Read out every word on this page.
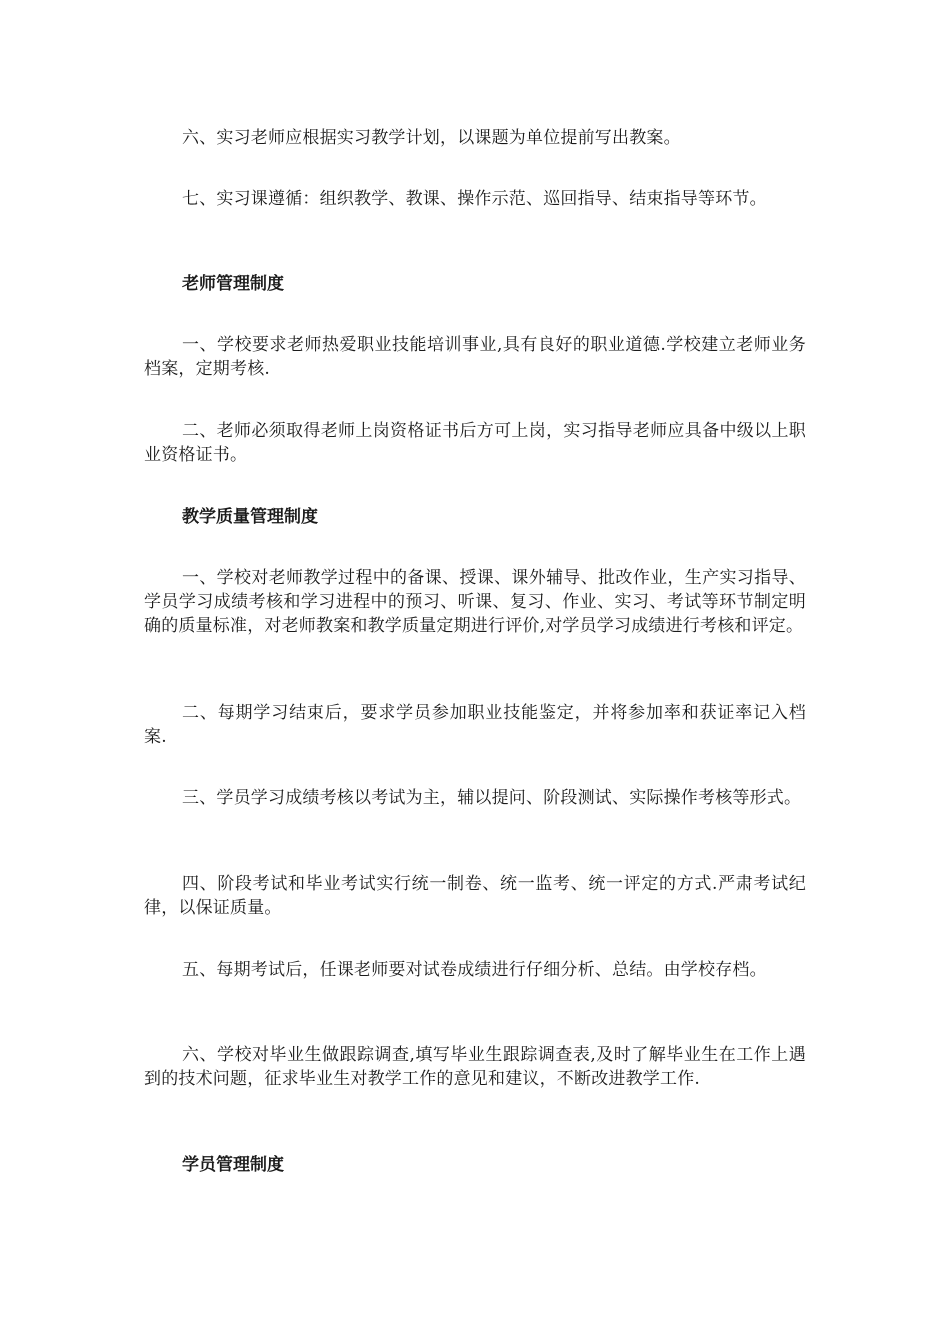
六、实习老师应根据实习教学计划，以课题为单位提前写出教案。

七、实习课遵循：组织教学、教课、操作示范、巡回指导、结束指导等环节。

老师管理制度

一、学校要求老师热爱职业技能培训事业,具有良好的职业道德.学校建立老师业务档案，定期考核.

二、老师必须取得老师上岗资格证书后方可上岗，实习指导老师应具备中级以上职业资格证书。

教学质量管理制度

一、学校对老师教学过程中的备课、授课、课外辅导、批改作业，生产实习指导、学员学习成绩考核和学习进程中的预习、听课、复习、作业、实习、考试等环节制定明确的质量标准，对老师教案和教学质量定期进行评价,对学员学习成绩进行考核和评定。

二、每期学习结束后，要求学员参加职业技能鉴定，并将参加率和获证率记入档案.

三、学员学习成绩考核以考试为主，辅以提问、阶段测试、实际操作考核等形式。

四、阶段考试和毕业考试实行统一制卷、统一监考、统一评定的方式.严肃考试纪律，以保证质量。

五、每期考试后，任课老师要对试卷成绩进行仔细分析、总结。由学校存档。

六、学校对毕业生做跟踪调查,填写毕业生跟踪调查表,及时了解毕业生在工作上遇到的技术问题，征求毕业生对教学工作的意见和建议，不断改进教学工作.

学员管理制度
